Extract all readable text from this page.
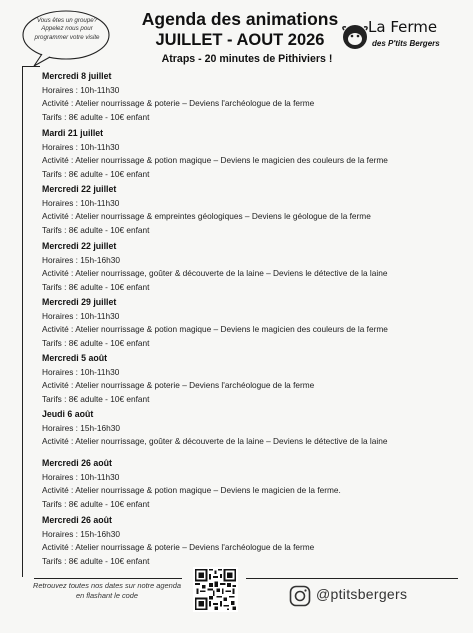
Vous êtes un groupe? Appelez nous pour programmer votre visite
Agenda des animations
JUILLET - AOUT 2026
Atraps - 20 minutes de Pithiviers !
La Ferme
des P'tits Bergers
Mercredi 8 juillet
Horaires : 10h-11h30
Activité : Atelier nourrissage & poterie – Deviens l'archéologue de la ferme
Tarifs : 8€ adulte - 10€ enfant
Mardi 21 juillet
Horaires : 10h-11h30
Activité : Atelier nourrissage & potion magique – Deviens le magicien des couleurs de la ferme
Tarifs : 8€ adulte - 10€ enfant
Mercredi 22 juillet
Horaires : 10h-11h30
Activité : Atelier nourrissage & empreintes géologiques – Deviens le géologue de la ferme
Tarifs : 8€ adulte - 10€ enfant
Mercredi 22 juillet
Horaires : 15h-16h30
Activité : Atelier nourrissage, goûter & découverte de la laine – Deviens le détective de la laine
Tarifs : 8€ adulte - 10€ enfant
Mercredi 29 juillet
Horaires : 10h-11h30
Activité : Atelier nourrissage & potion magique – Deviens le magicien des couleurs de la ferme
Tarifs : 8€ adulte - 10€ enfant
Mercredi 5 août
Horaires : 10h-11h30
Activité : Atelier nourrissage & poterie – Deviens l'archéologue de la ferme
Tarifs : 8€ adulte - 10€ enfant
Jeudi 6 août
Horaires : 15h-16h30
Activité : Atelier nourrissage, goûter & découverte de la laine – Deviens le détective de la laine
Mercredi 26 août
Horaires : 10h-11h30
Activité : Atelier nourrissage & potion magique – Deviens le magicien de la ferme.
Tarifs : 8€ adulte - 10€ enfant
Mercredi 26 août
Horaires : 15h-16h30
Activité : Atelier nourrissage & poterie – Deviens l'archéologue de la ferme
Tarifs : 8€ adulte - 10€ enfant
Retrouvez toutes nos dates sur notre agenda en flashant le code	@ptitsbergers
